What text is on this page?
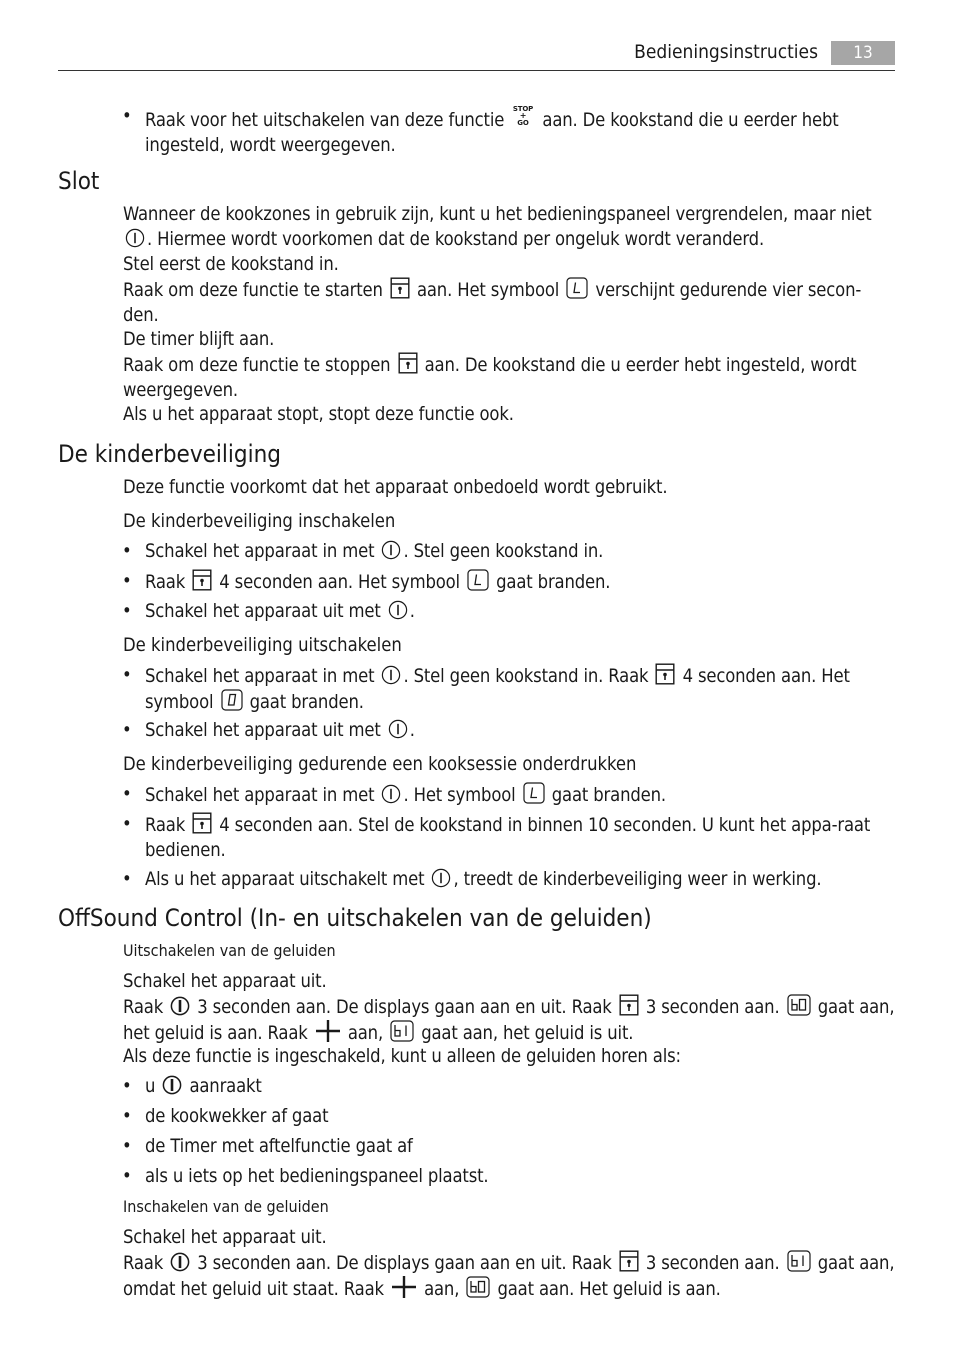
Bedieningsinstructies	13
• Raak voor het uitschakelen van deze functie
STOP
+
GO aan. De kookstand die u eerder hebt ingesteld, wordt weergegeven.
Slot
Wanneer de kookzones in gebruik zijn, kunt u het bedieningspaneel vergrendelen, maar niet
. Hiermee wordt voorkomen dat de kookstand per ongeluk wordt veranderd.
Stel eerst de kookstand in.
Raak om deze functie te starten aan. Het symbool verschijnt gedurende vier secon-den.
De timer blijft aan.
Raak om deze functie te stoppen aan. De kookstand die u eerder hebt ingesteld, wordt weergegeven.
Als u het apparaat stopt, stopt deze functie ook.
De kinderbeveiliging
Deze functie voorkomt dat het apparaat onbedoeld wordt gebruikt.
De kinderbeveiliging inschakelen
• Schakel het apparaat in met . Stel geen kookstand in.
• Raak 4 seconden aan. Het symbool gaat branden.
• Schakel het apparaat uit met .
De kinderbeveiliging uitschakelen
• Schakel het apparaat in met . Stel geen kookstand in. Raak 4 seconden aan. Het symbool gaat branden.
• Schakel het apparaat uit met .
De kinderbeveiliging gedurende een kooksessie onderdrukken
• Schakel het apparaat in met . Het symbool gaat branden.
• Raak 4 seconden aan. Stel de kookstand in binnen 10 seconden. U kunt het appa-raat bedienen.
• Als u het apparaat uitschakelt met , treedt de kinderbeveiliging weer in werking.
OffSound Control (In- en uitschakelen van de geluiden)
Uitschakelen van de geluiden
Schakel het apparaat uit.
Raak 3 seconden aan. De displays gaan aan en uit. Raak 3 seconden aan. gaat aan, het geluid is aan. Raak aan, gaat aan, het geluid is uit.
Als deze functie is ingeschakeld, kunt u alleen de geluiden horen als:
• u aanraakt
• de kookwekker af gaat
• de Timer met aftelfunctie gaat af
• als u iets op het bedieningspaneel plaatst.
Inschakelen van de geluiden
Schakel het apparaat uit.
Raak 3 seconden aan. De displays gaan aan en uit. Raak 3 seconden aan. gaat aan, omdat het geluid uit staat. Raak aan, gaat aan. Het geluid is aan.
